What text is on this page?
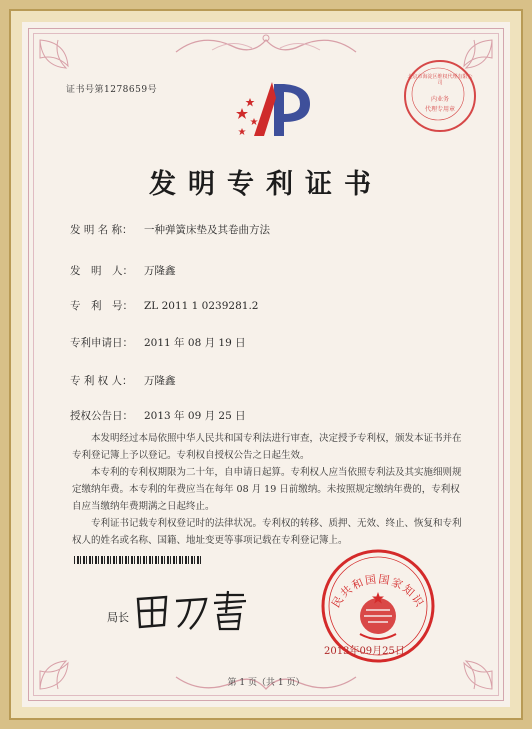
证书号第1278659号
北京市海淀区维权代理有限公司
内业务
代理专用章
发明专利证书
发 明 名 称： 一种弹簧床垫及其卷曲方法
发　明　人： 万隆鑫
专　利　号： ZL 2011 1 0239281.2
专利申请日： 2011 年 08 月 19 日
专 利 权 人： 万隆鑫
授权公告日： 2013 年 09 月 25 日

本发明经过本局依照中华人民共和国专利法进行审查，决定授予专利权，颁发本证书并在专利登记簿上予以登记。专利权自授权公告之日起生效。

本专利的专利权期限为二十年，自申请日起算。专利权人应当依照专利法及其实施细则规定缴纳年费。本专利的年费应当在每年 08 月 19 日前缴纳。未按照规定缴纳年费的，专利权自应当缴纳年费期满之日起终止。

专利证书记载专利权登记时的法律状况。专利权的转移、质押、无效、终止、恢复和专利权人的姓名或名称、国籍、地址变更等事项记载在专利登记簿上。

局长
民共和国国家知识
2013年09月25日
第 1 页（共 1 页）
